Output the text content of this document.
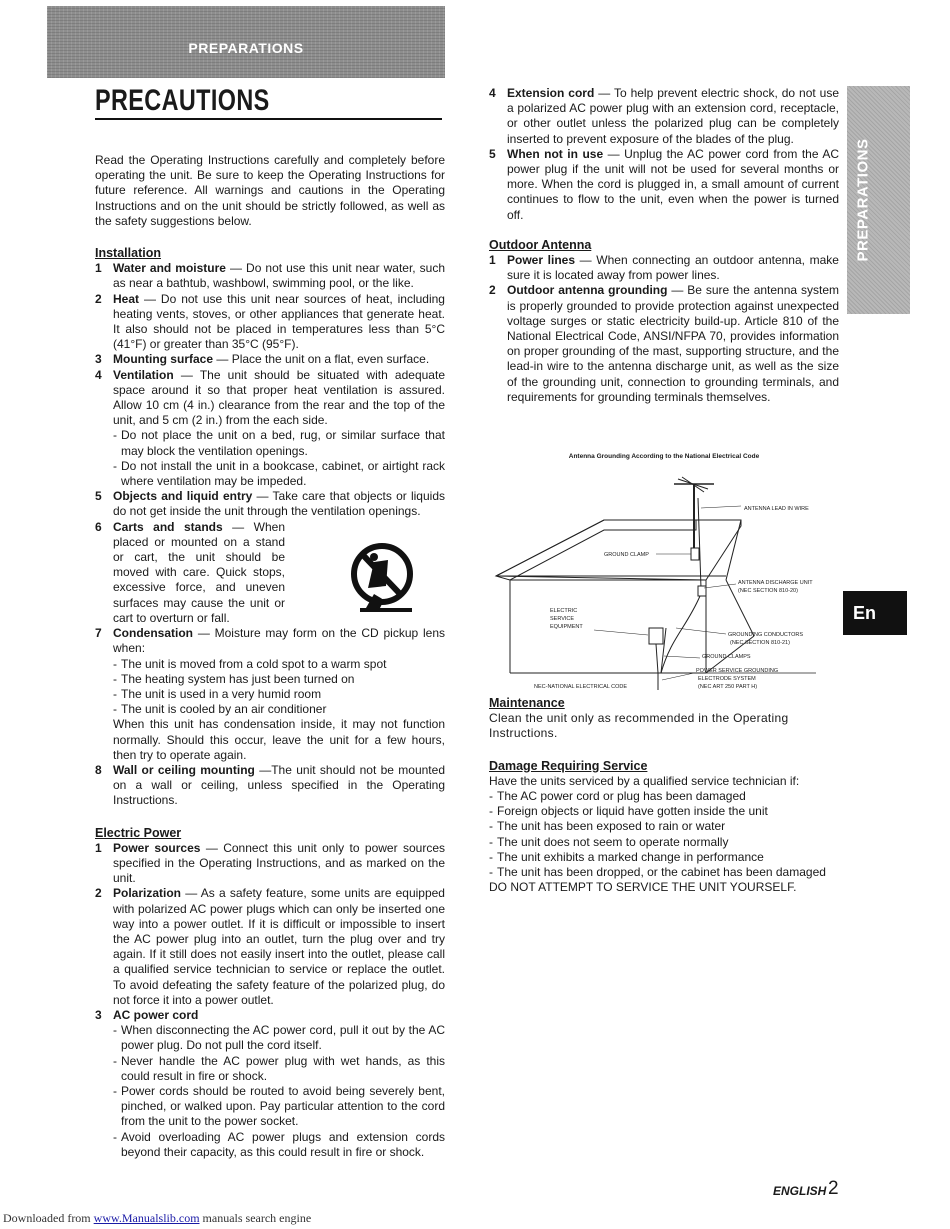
PREPARATIONS
PRECAUTIONS

Read the Operating Instructions carefully and completely before operating the unit. Be sure to keep the Operating Instructions for future reference. All warnings and cautions in the Operating Instructions and on the unit should be strictly followed, as well as the safety suggestions below.

Installation
1 Water and moisture — Do not use this unit near water, such as near a bathtub, washbowl, swimming pool, or the like.
2 Heat — Do not use this unit near sources of heat, including heating vents, stoves, or other appliances that generate heat. It also should not be placed in temperatures less than 5°C (41°F) or greater than 35°C (95°F).
3 Mounting surface — Place the unit on a flat, even surface.
4 Ventilation — The unit should be situated with adequate space around it so that proper heat ventilation is assured. Allow 10 cm (4 in.) clearance from the rear and the top of the unit, and 5 cm (2 in.) from the each side.
- Do not place the unit on a bed, rug, or similar surface that may block the ventilation openings.
- Do not install the unit in a bookcase, cabinet, or airtight rack where ventilation may be impeded.
5 Objects and liquid entry — Take care that objects or liquids do not get inside the unit through the ventilation openings.
6 Carts and stands — When placed or mounted on a stand or cart, the unit should be moved with care. Quick stops, excessive force, and uneven surfaces may cause the unit or cart to overturn or fall.
7 Condensation — Moisture may form on the CD pickup lens when:
- The unit is moved from a cold spot to a warm spot
- The heating system has just been turned on
- The unit is used in a very humid room
- The unit is cooled by an air conditioner
When this unit has condensation inside, it may not function normally. Should this occur, leave the unit for a few hours, then try to operate again.
8 Wall or ceiling mounting —The unit should not be mounted on a wall or ceiling, unless specified in the Operating Instructions.
Electric Power
1 Power sources — Connect this unit only to power sources specified in the Operating Instructions, and as marked on the unit.
2 Polarization — As a safety feature, some units are equipped with polarized AC power plugs which can only be inserted one way into a power outlet. If it is difficult or impossible to insert the AC power plug into an outlet, turn the plug over and try again. If it still does not easily insert into the outlet, please call a qualified service technician to service or replace the outlet. To avoid defeating the safety feature of the polarized plug, do not force it into a power outlet.
3 AC power cord
- When disconnecting the AC power cord, pull it out by the AC power plug. Do not pull the cord itself.
- Never handle the AC power plug with wet hands, as this could result in fire or shock.
- Power cords should be routed to avoid being severely bent, pinched, or walked upon. Pay particular attention to the cord from the unit to the power socket.
- Avoid overloading AC power plugs and extension cords beyond their capacity, as this could result in fire or shock.
4 Extension cord — To help prevent electric shock, do not use a polarized AC power plug with an extension cord, receptacle, or other outlet unless the polarized plug can be completely inserted to prevent exposure of the blades of the plug.
5 When not in use — Unplug the AC power cord from the AC power plug if the unit will not be used for several months or more. When the cord is plugged in, a small amount of current continues to flow to the unit, even when the power is turned off.
Outdoor Antenna
1 Power lines — When connecting an outdoor antenna, make sure it is located away from power lines.
2 Outdoor antenna grounding — Be sure the antenna system is properly grounded to provide protection against unexpected voltage surges or static electricity build-up. Article 810 of the National Electrical Code, ANSI/NFPA 70, provides information on proper grounding of the mast, supporting structure, and the lead-in wire to the antenna discharge unit, as well as the size of the grounding unit, connection to grounding terminals, and requirements for grounding terminals themselves.
Maintenance

Clean the unit only as recommended in the Operating Instructions.

Damage Requiring Service

Have the units serviced by a qualified service technician if:

- The AC power cord or plug has been damaged
- Foreign objects or liquid have gotten inside the unit
- The unit has been exposed to rain or water
- The unit does not seem to operate normally
- The unit exhibits a marked change in performance
- The unit has been dropped, or the cabinet has been damaged

DO NOT ATTEMPT TO SERVICE THE UNIT YOURSELF.

Antenna Grounding According to the National Electrical Code
ANTENNA LEAD IN WIRE
GROUND CLAMP
ANTENNA DISCHARGE UNIT
(NEC SECTION 810-20)
ELECTRIC
SERVICE
EQUIPMENT
GROUNDING CONDUCTORS
(NEC SECTION 810-21)
GROUND CLAMPS
POWER SERVICE GROUNDING
ELECTRODE SYSTEM
(NEC ART 250 PART H)
NEC-NATIONAL ELECTRICAL CODE
PREPARATIONS
En
ENGLISH 2
Downloaded from www.Manualslib.com manuals search engine
